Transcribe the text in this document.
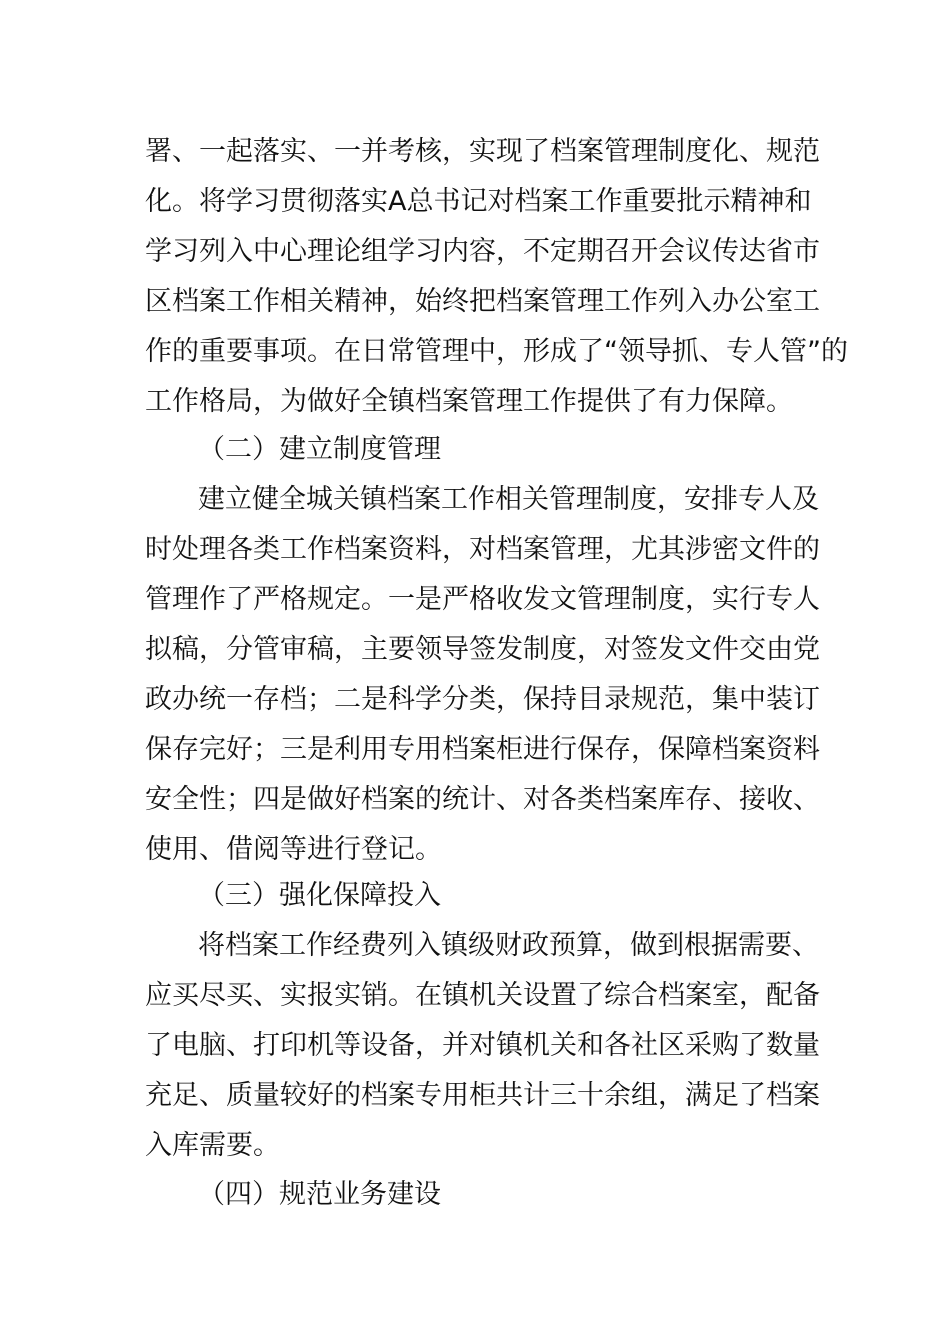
署、一起落实、一并考核，实现了档案管理制度化、规范
化。将学习贯彻落实A总书记对档案工作重要批示精神和
学习列入中心理论组学习内容，不定期召开会议传达省市
区档案工作相关精神，始终把档案管理工作列入办公室工
作的重要事项。在日常管理中，形成了“领导抓、专人管”的
工作格局，为做好全镇档案管理工作提供了有力保障。
（二）建立制度管理
建立健全城关镇档案工作相关管理制度，安排专人及
时处理各类工作档案资料，对档案管理，尤其涉密文件的
管理作了严格规定。一是严格收发文管理制度，实行专人
拟稿，分管审稿，主要领导签发制度，对签发文件交由党
政办统一存档；二是科学分类，保持目录规范，集中装订
保存完好；三是利用专用档案柜进行保存，保障档案资料
安全性；四是做好档案的统计、对各类档案库存、接收、
使用、借阅等进行登记。
（三）强化保障投入
将档案工作经费列入镇级财政预算，做到根据需要、
应买尽买、实报实销。在镇机关设置了综合档案室，配备
了电脑、打印机等设备，并对镇机关和各社区采购了数量
充足、质量较好的档案专用柜共计三十余组，满足了档案
入库需要。
（四）规范业务建设
